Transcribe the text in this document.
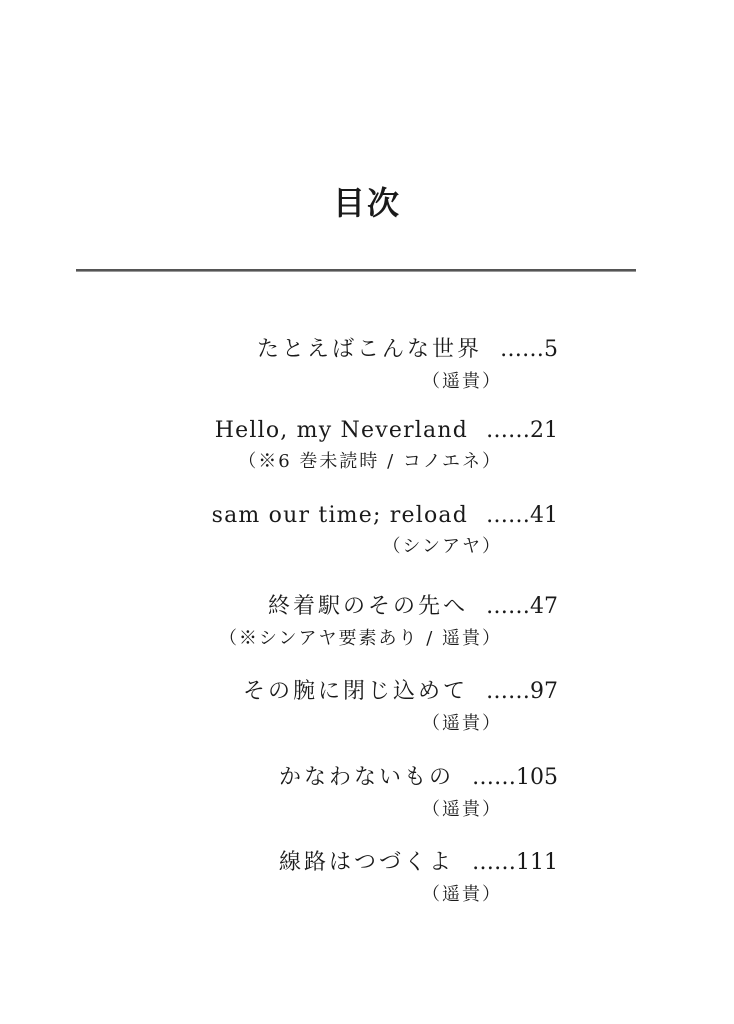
目次
たとえばこんな世界 ……5
（遥貴）
Hello, my Neverland ……21
（※6 巻未読時 / コノエネ）
sam our time; reload ……41
（シンアヤ）
終着駅のその先へ ……47
（※シンアヤ要素あり / 遥貴）
その腕に閉じ込めて ……97
（遥貴）
かなわないもの ……105
（遥貴）
線路はつづくよ ……111
（遥貴）
